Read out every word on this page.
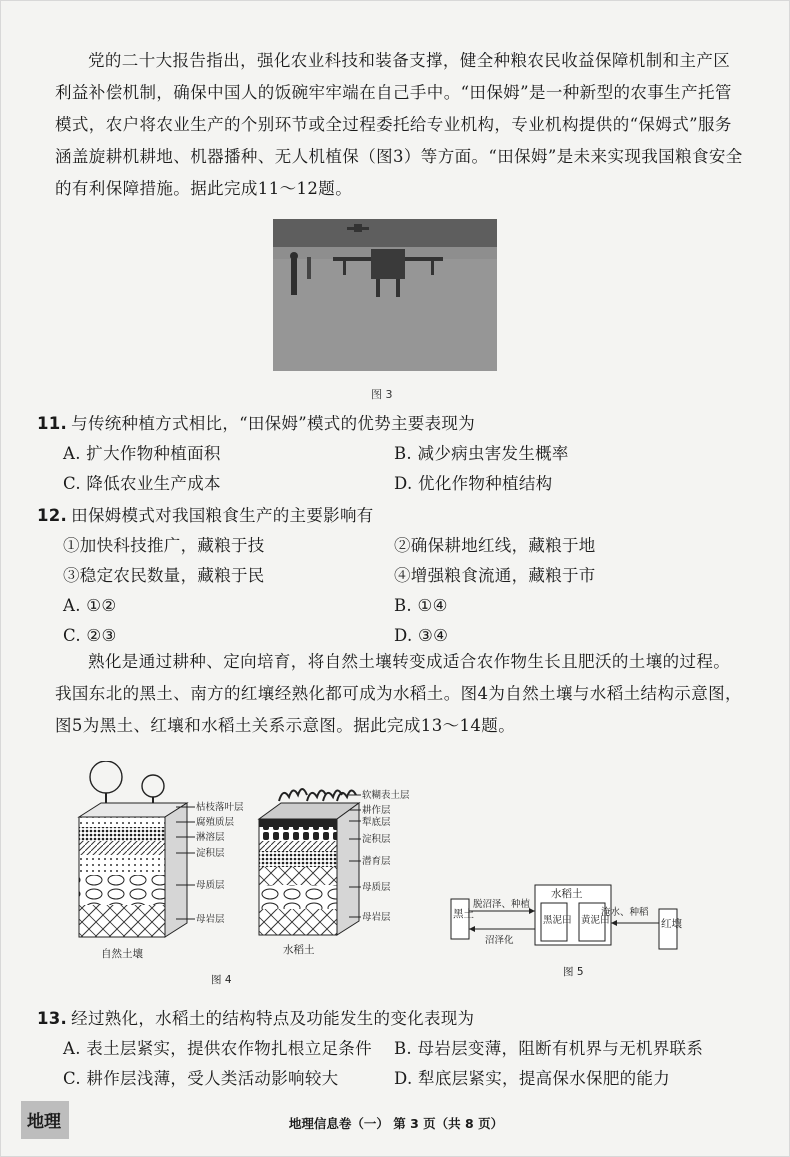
党的二十大报告指出，强化农业科技和装备支撑，健全种粮农民收益保障机制和主产区利益补偿机制，确保中国人的饭碗牢牢端在自己手中。“田保姆”是一种新型的农事生产托管模式，农户将农业生产的个别环节或全过程委托给专业机构，专业机构提供的“保姆式”服务涵盖旋耕机耕地、机器播种、无人机植保（图3）等方面。“田保姆”是未来实现我国粮食安全的有利保障措施。据此完成11～12题。

图 3

11. 与传统种植方式相比，“田保姆”模式的优势主要表现为

A. 扩大作物种植面积	B. 减少病虫害发生概率
C. 降低农业生产成本	D. 优化作物种植结构

12. 田保姆模式对我国粮食生产的主要影响有

①加快科技推广，藏粮于技	②确保耕地红线，藏粮于地
③稳定农民数量，藏粮于民	④增强粮食流通，藏粮于市
A. ①②	B. ①④
C. ②③	D. ③④

熟化是通过耕种、定向培育，将自然土壤转变成适合农作物生长且肥沃的土壤的过程。我国东北的黑土、南方的红壤经熟化都可成为水稻土。图4为自然土壤与水稻土结构示意图，图5为黑土、红壤和水稻土关系示意图。据此完成13～14题。

枯枝落叶层
腐殖质层
淋溶层
淀积层
母质层
母岩层
自然土壤
软糊表土层
耕作层
犁底层
淀积层
潜育层
母质层
母岩层
水稻土
图 4
黑土
水稻土
黑泥田 黄泥田	红壤
脱沼泽、种植
沼泽化
淹水、种稻
图 5

13. 经过熟化，水稻土的结构特点及功能发生的变化表现为

A. 表土层紧实，提供农作物扎根立足条件 B. 母岩层变薄，阻断有机界与无机界联系
C. 耕作层浅薄，受人类活动影响较大	D. 犁底层紧实，提高保水保肥的能力
地理	地理信息卷（一） 第 3 页（共 8 页）
